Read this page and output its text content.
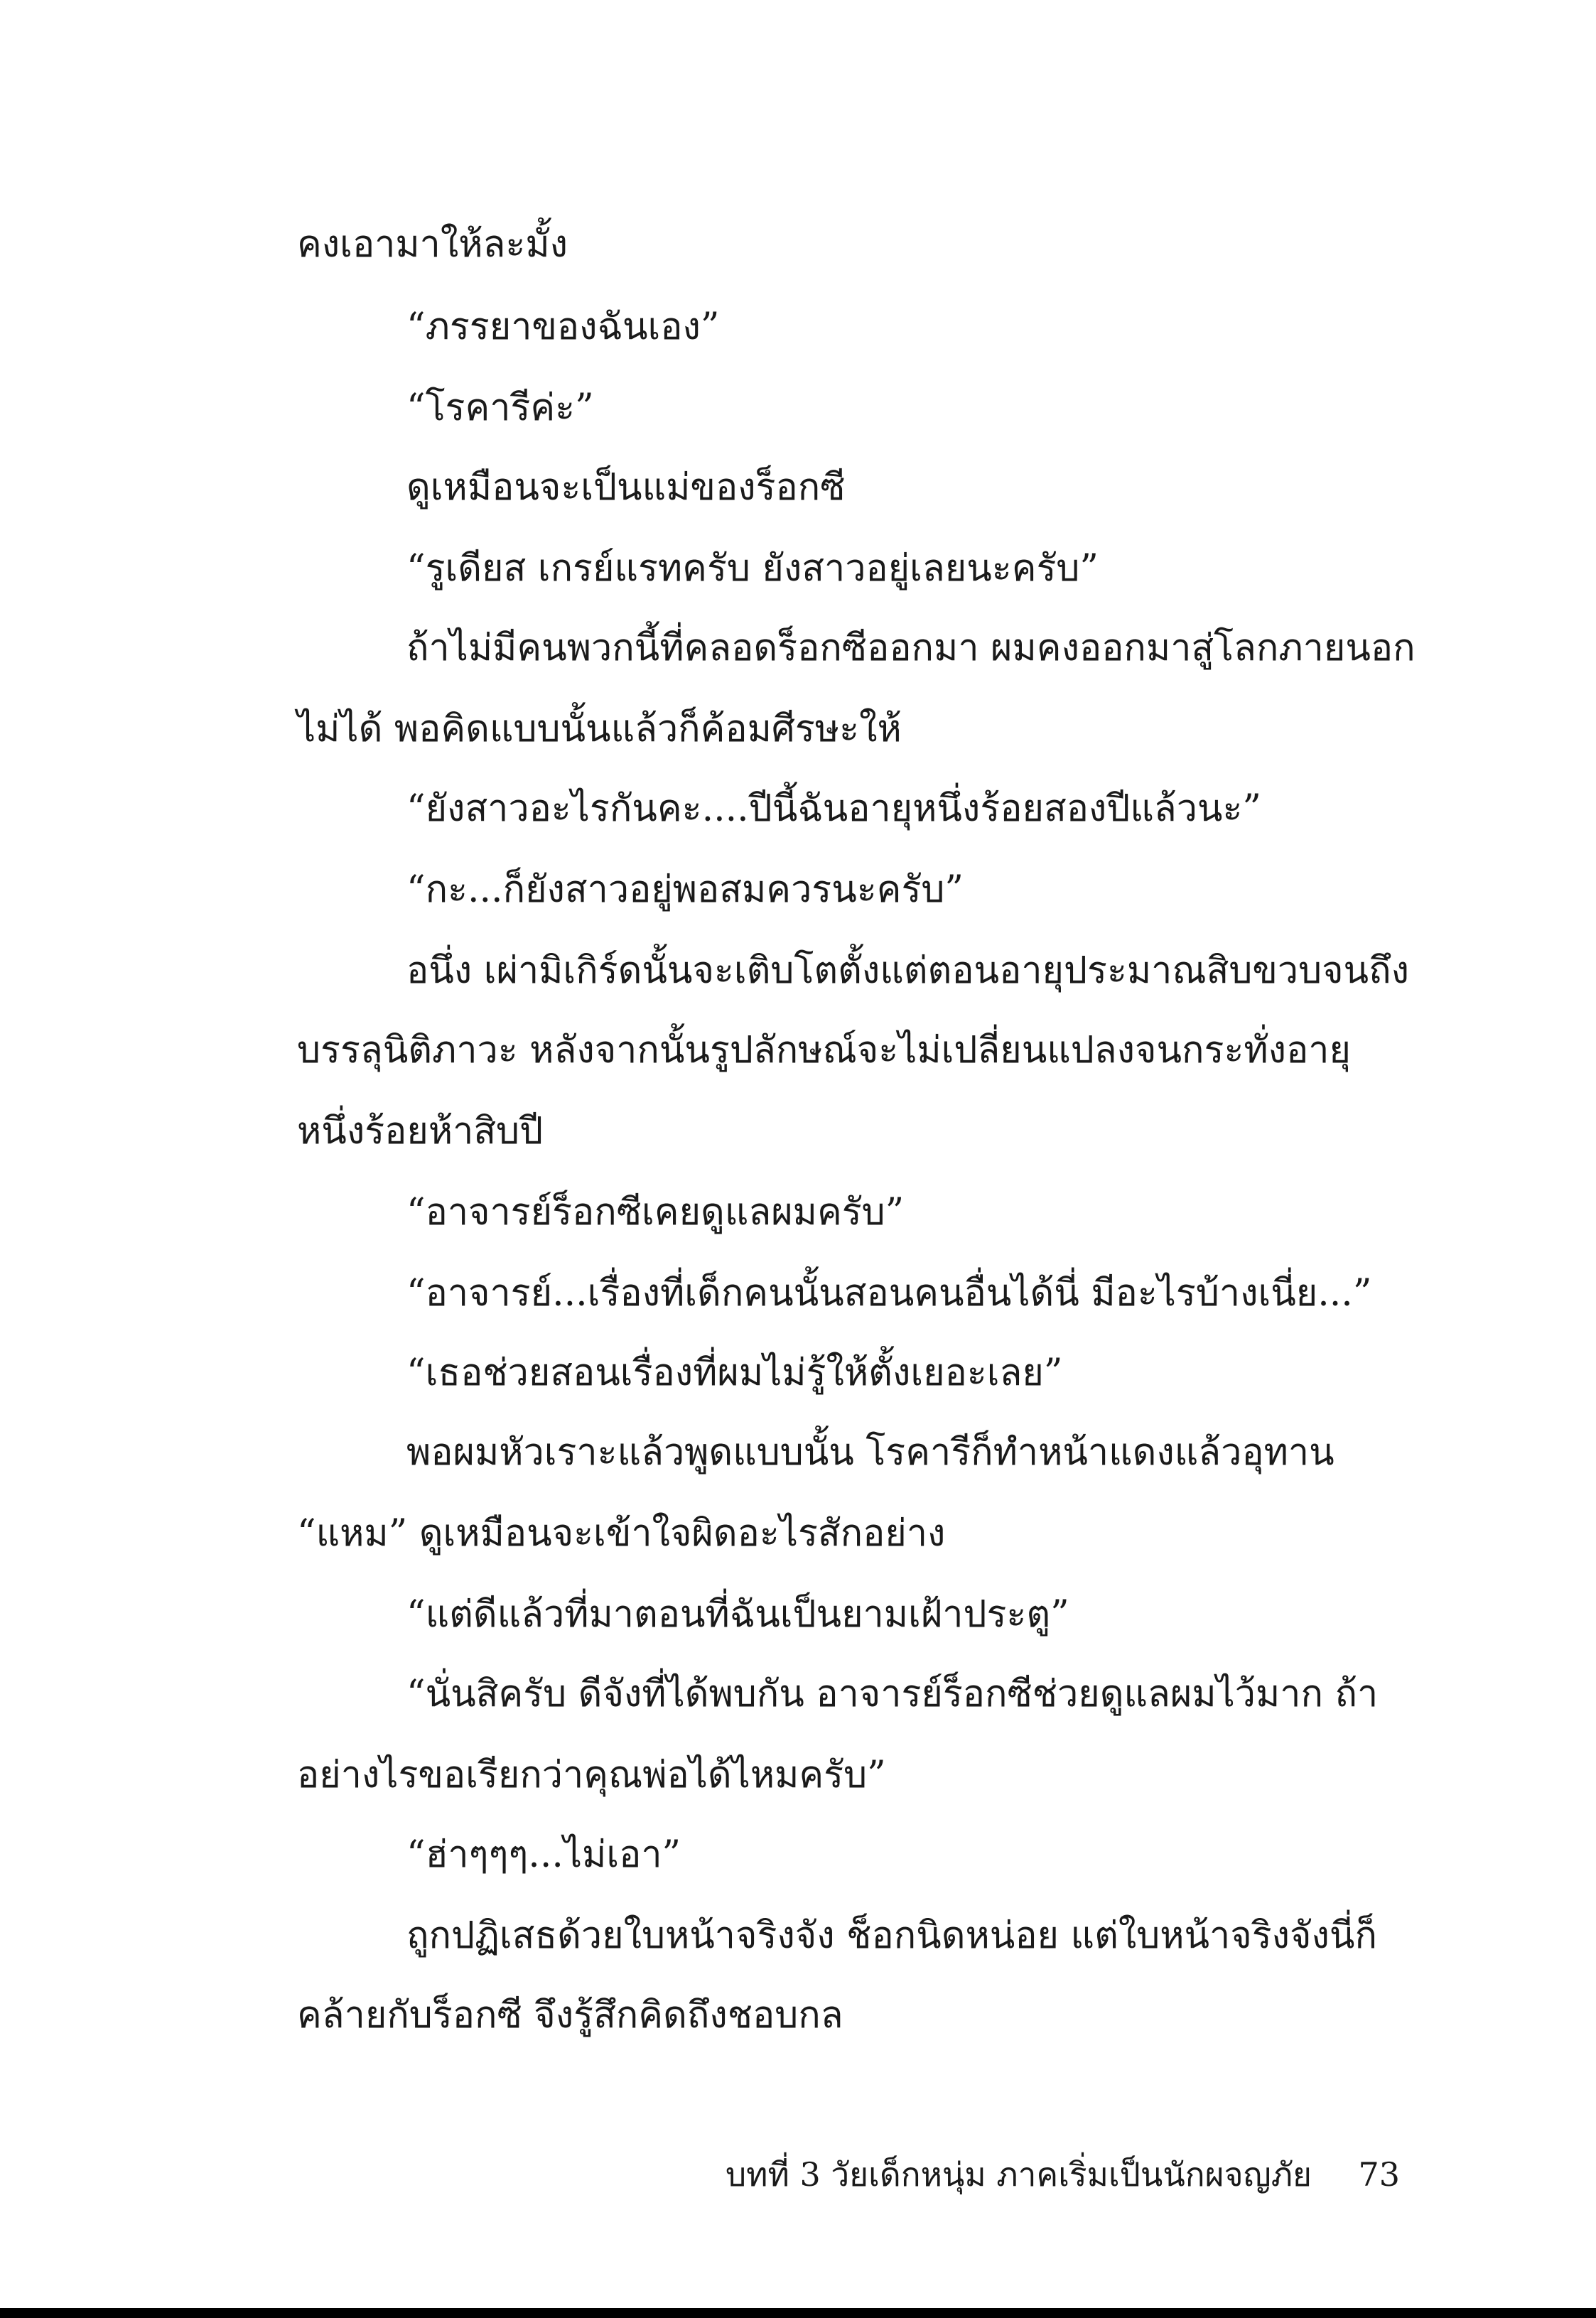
คงเอามาให้ละมั้ง
“ภรรยาของฉันเอง”
“โรคารีค่ะ”
ดูเหมือนจะเป็นแม่ของร็อกซี
“รูเดียส เกรย์แรทครับ ยังสาวอยู่เลยนะครับ”
ถ้าไม่มีคนพวกนี้ที่คลอดร็อกซีออกมา ผมคงออกมาสู่โลกภายนอก
ไม่ได้ พอคิดแบบนั้นแล้วก็ค้อมศีรษะให้
“ยังสาวอะไรกันคะ....ปีนี้ฉันอายุหนึ่งร้อยสองปีแล้วนะ”
“กะ...ก็ยังสาวอยู่พอสมควรนะครับ”
อนึ่ง เผ่ามิเกิร์ดนั้นจะเติบโตตั้งแต่ตอนอายุประมาณสิบขวบจนถึง
บรรลุนิติภาวะ หลังจากนั้นรูปลักษณ์จะไม่เปลี่ยนแปลงจนกระทั่งอายุ
หนึ่งร้อยห้าสิบปี
“อาจารย์ร็อกซีเคยดูแลผมครับ”
“อาจารย์...เรื่องที่เด็กคนนั้นสอนคนอื่นได้นี่ มีอะไรบ้างเนี่ย...”
“เธอช่วยสอนเรื่องที่ผมไม่รู้ให้ตั้งเยอะเลย”
พอผมหัวเราะแล้วพูดแบบนั้น โรคารีก็ทำหน้าแดงแล้วอุทาน
“แหม” ดูเหมือนจะเข้าใจผิดอะไรสักอย่าง
“แต่ดีแล้วที่มาตอนที่ฉันเป็นยามเฝ้าประตู”
“นั่นสิครับ ดีจังที่ได้พบกัน อาจารย์ร็อกซีช่วยดูแลผมไว้มาก ถ้า
อย่างไรขอเรียกว่าคุณพ่อได้ไหมครับ”
“ฮ่าๆๆๆ...ไม่เอา”
ถูกปฏิเสธด้วยใบหน้าจริงจัง ช็อกนิดหน่อย แต่ใบหน้าจริงจังนี่ก็
คล้ายกับร็อกซี จึงรู้สึกคิดถึงชอบกล
บทที่ 3 วัยเด็กหนุ่ม ภาคเริ่มเป็นนักผจญภัย 73
